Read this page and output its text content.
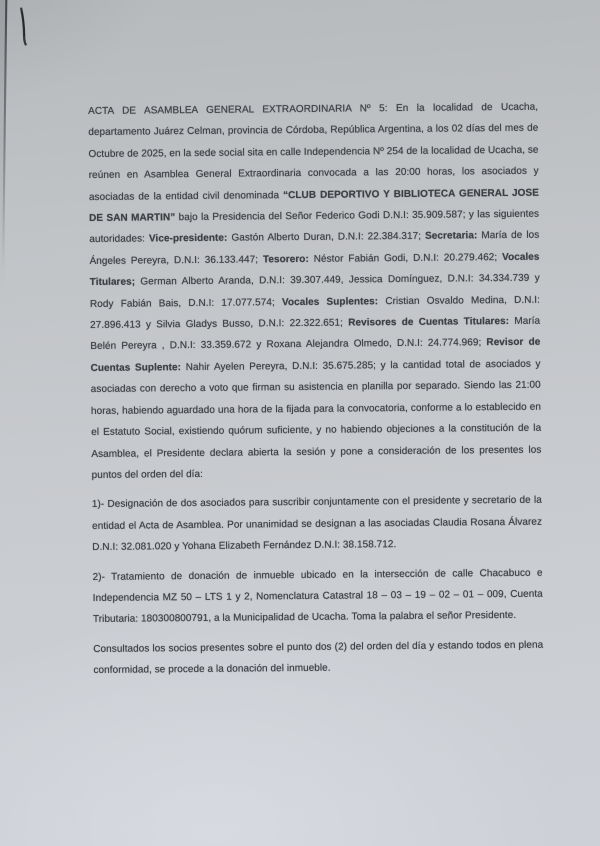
ACTA DE ASAMBLEA GENERAL EXTRAORDINARIA Nº 5: En la localidad de Ucacha, departamento Juárez Celman, provincia de Córdoba, República Argentina, a los 02 días del mes de Octubre de 2025, en la sede social sita en calle Independencia Nº 254 de la localidad de Ucacha, se reúnen en Asamblea General Extraordinaria convocada a las 20:00 horas, los asociados y asociadas de la entidad civil denominada “CLUB DEPORTIVO Y BIBLIOTECA GENERAL JOSE DE SAN MARTIN” bajo la Presidencia del Señor Federico Godi D.N.I: 35.909.587; y las siguientes autoridades: Vice-presidente: Gastón Alberto Duran, D.N.I: 22.384.317; Secretaria: María de los Ángeles Pereyra, D.N.I: 36.133.447; Tesorero: Néstor Fabián Godi, D.N.I: 20.279.462; Vocales Titulares; German Alberto Aranda, D.N.I: 39.307.449, Jessica Domínguez, D.N.I: 34.334.739 y Rody Fabián Bais, D.N.I: 17.077.574; Vocales Suplentes: Cristian Osvaldo Medina, D.N.I: 27.896.413 y Silvia Gladys Busso, D.N.I: 22.322.651; Revisores de Cuentas Titulares: María Belén Pereyra , D.N.I: 33.359.672 y Roxana Alejandra Olmedo, D.N.I: 24.774.969; Revisor de Cuentas Suplente: Nahir Ayelen Pereyra, D.N.I: 35.675.285; y la cantidad total de asociados y asociadas con derecho a voto que firman su asistencia en planilla por separado. Siendo las 21:00 horas, habiendo aguardado una hora de la fijada para la convocatoria, conforme a lo establecido en el Estatuto Social, existiendo quórum suficiente, y no habiendo objeciones a la constitución de la Asamblea, el Presidente declara abierta la sesión y pone a consideración de los presentes los puntos del orden del día:

1)- Designación de dos asociados para suscribir conjuntamente con el presidente y secretario de la entidad el Acta de Asamblea. Por unanimidad se designan a las asociadas Claudia Rosana Álvarez D.N.I: 32.081.020 y Yohana Elizabeth Fernández D.N.I: 38.158.712.

2)- Tratamiento de donación de inmueble ubicado en la intersección de calle Chacabuco e Independencia MZ 50 – LTS 1 y 2, Nomenclatura Catastral 18 – 03 – 19 – 02 – 01 – 009, Cuenta Tributaria: 180300800791, a la Municipalidad de Ucacha. Toma la palabra el señor Presidente.

Consultados los socios presentes sobre el punto dos (2) del orden del día y estando todos en plena conformidad, se procede a la donación del inmueble.
